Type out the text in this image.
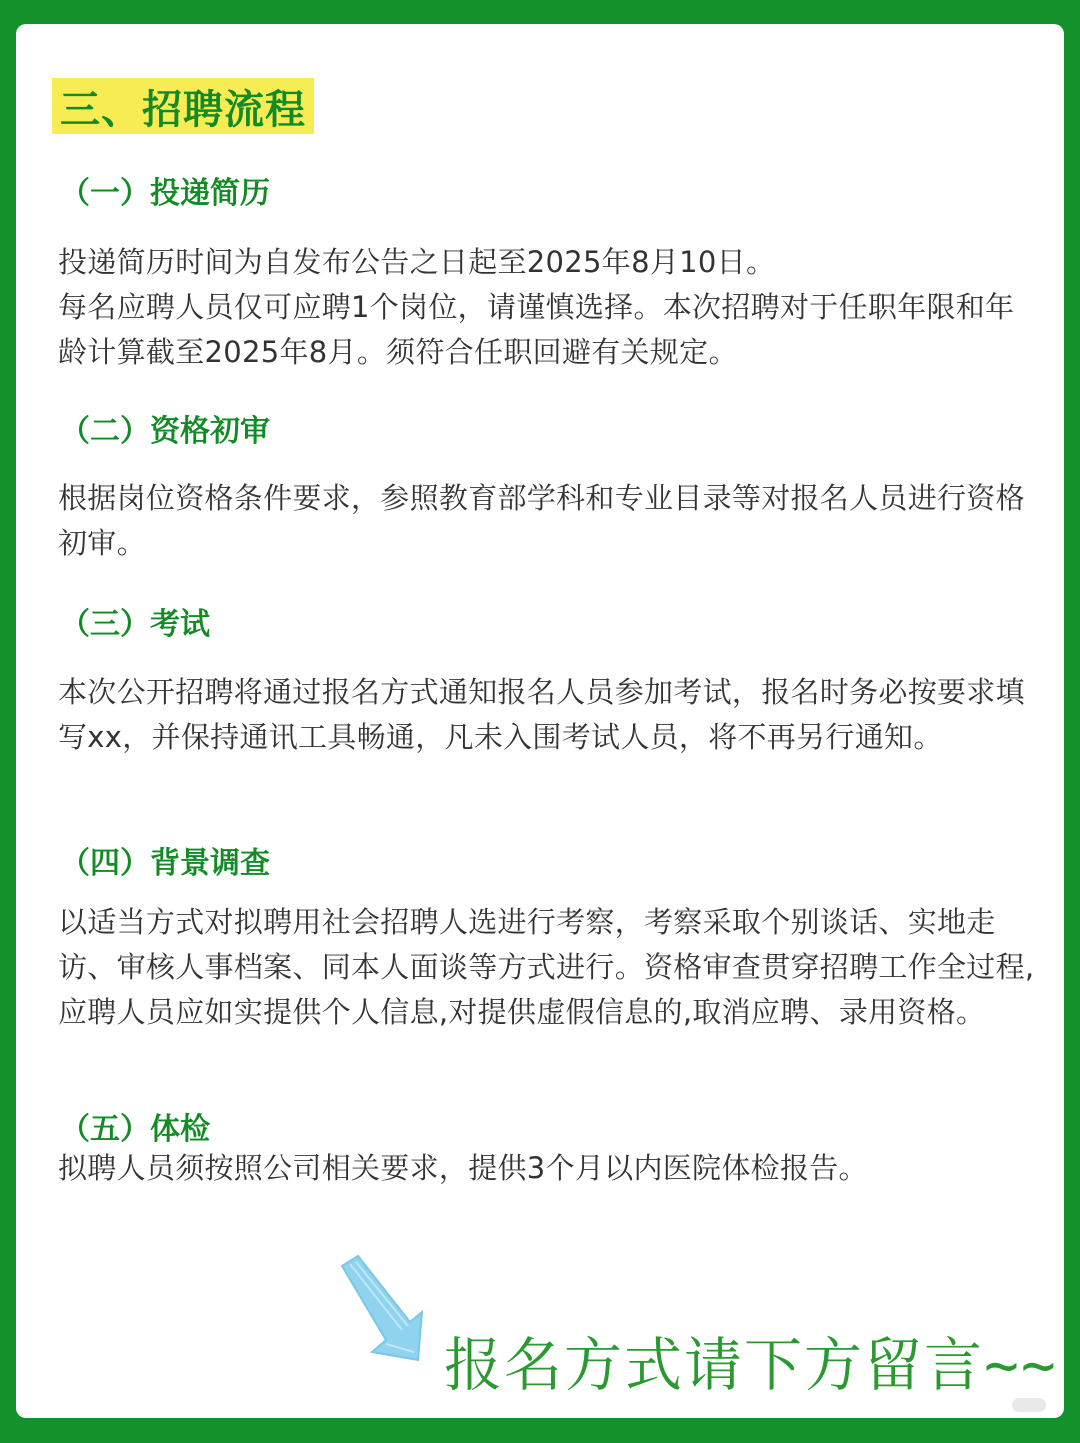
三、招聘流程
（一）投递简历

投递简历时间为自发布公告之日起至2025年8月10日。

每名应聘人员仅可应聘1个岗位，请谨慎选择。本次招聘对于任职年限和年龄计算截至2025年8月。须符合任职回避有关规定。

（二）资格初审

根据岗位资格条件要求，参照教育部学科和专业目录等对报名人员进行资格初审。

（三）考试

本次公开招聘将通过报名方式通知报名人员参加考试，报名时务必按要求填写xx，并保持通讯工具畅通，凡未入围考试人员，将不再另行通知。

（四）背景调查

以适当方式对拟聘用社会招聘人选进行考察，考察采取个别谈话、实地走访、审核人事档案、同本人面谈等方式进行。资格审查贯穿招聘工作全过程,应聘人员应如实提供个人信息,对提供虚假信息的,取消应聘、录用资格。

（五）体检

拟聘人员须按照公司相关要求，提供3个月以内医院体检报告。

报名方式请下方留言~~
